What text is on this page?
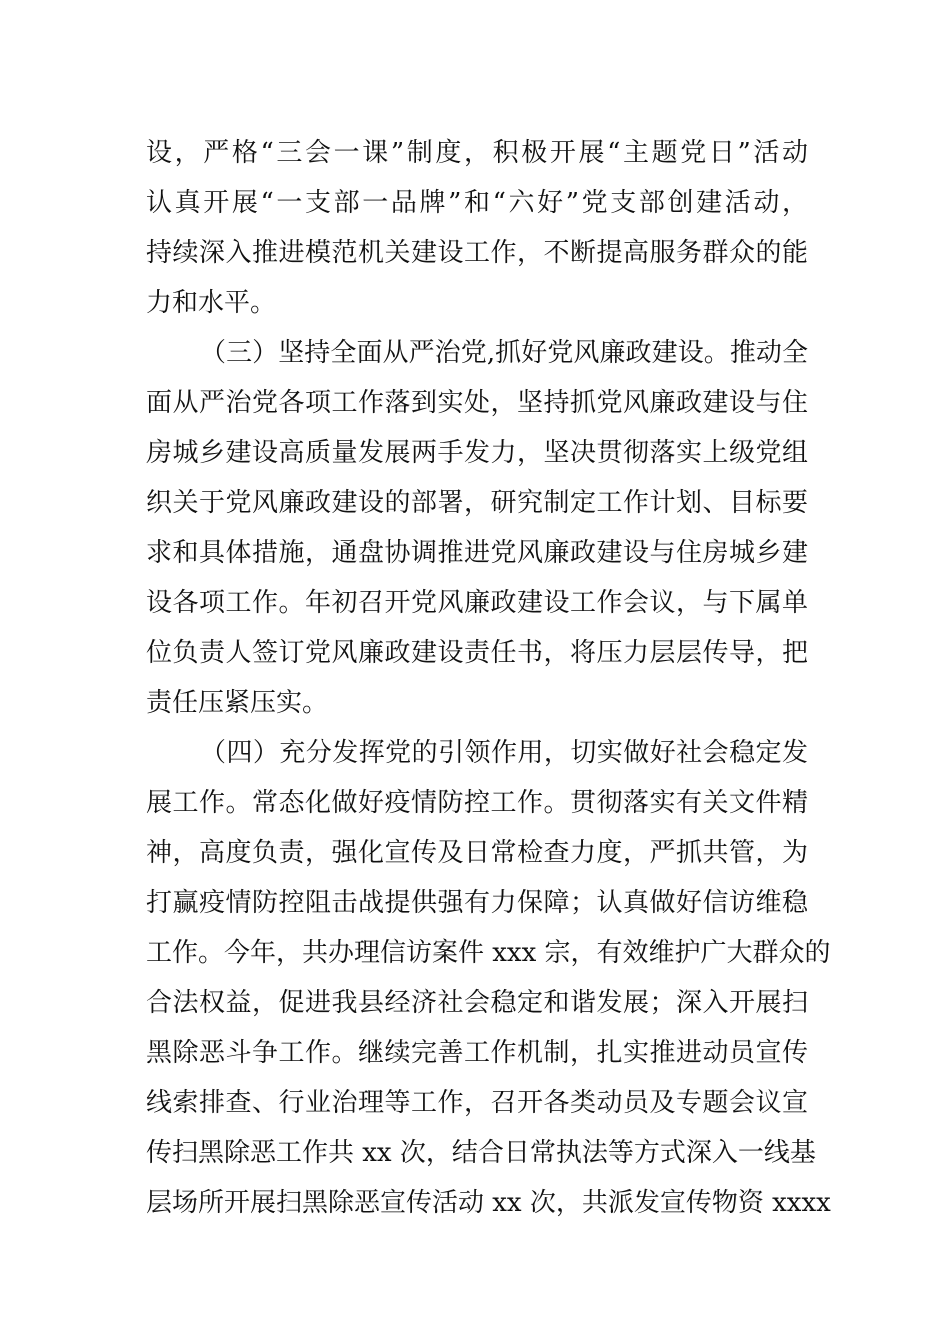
设，严格“三会一课”制度，积极开展“主题党日”活动
认真开展“一支部一品牌”和“六好”党支部创建活动，
持续深入推进模范机关建设工作，不断提高服务群众的能
力和水平。
（三）坚持全面从严治党,抓好党风廉政建设。推动全
面从严治党各项工作落到实处，坚持抓党风廉政建设与住
房城乡建设高质量发展两手发力，坚决贯彻落实上级党组
织关于党风廉政建设的部署，研究制定工作计划、目标要
求和具体措施，通盘协调推进党风廉政建设与住房城乡建
设各项工作。年初召开党风廉政建设工作会议，与下属单
位负责人签订党风廉政建设责任书，将压力层层传导，把
责任压紧压实。
（四）充分发挥党的引领作用，切实做好社会稳定发
展工作。常态化做好疫情防控工作。贯彻落实有关文件精
神，高度负责，强化宣传及日常检查力度，严抓共管，为
打赢疫情防控阻击战提供强有力保障；认真做好信访维稳
工作。今年，共办理信访案件 xxx 宗，有效维护广大群众的
合法权益，促进我县经济社会稳定和谐发展；深入开展扫
黑除恶斗争工作。继续完善工作机制，扎实推进动员宣传
线索排查、行业治理等工作，召开各类动员及专题会议宣
传扫黑除恶工作共 xx 次，结合日常执法等方式深入一线基
层场所开展扫黑除恶宣传活动 xx 次，共派发宣传物资 xxxx
